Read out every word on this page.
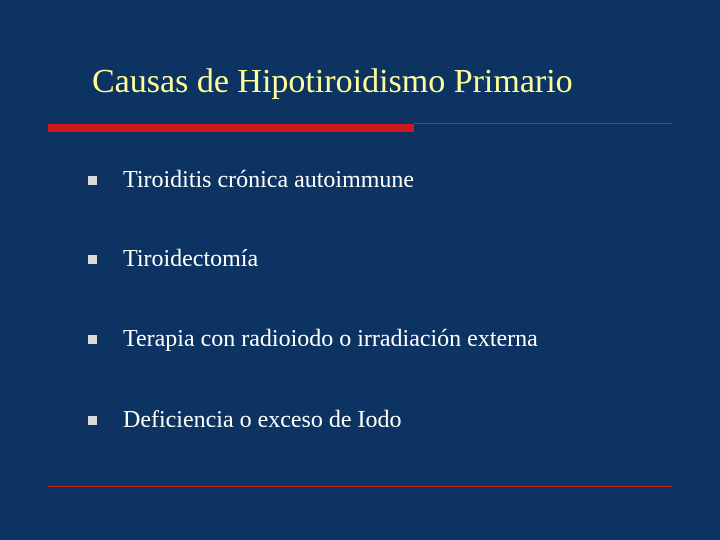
Causas de Hipotiroidismo Primario
Tiroiditis crónica autoimmune
Tiroidectomía
Terapia con radioiodo o irradiación externa
Deficiencia o exceso de Iodo
